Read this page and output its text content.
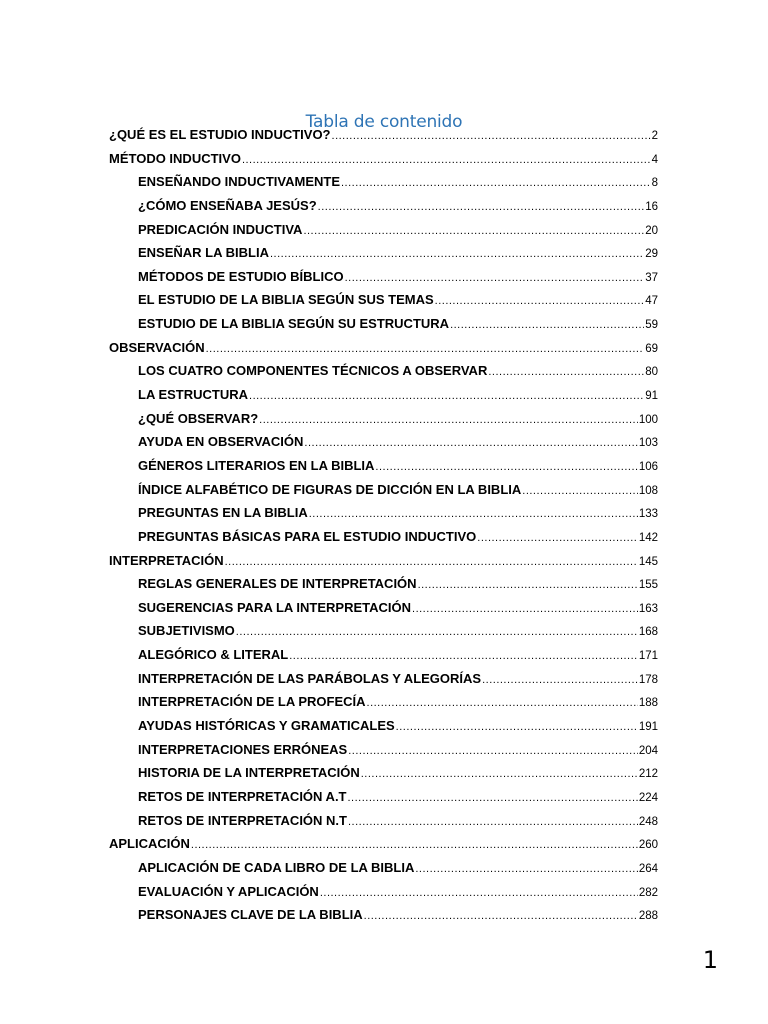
Tabla de contenido
¿QUÉ ES EL ESTUDIO INDUCTIVO? .....	2
MÉTODO INDUCTIVO .....	4
ENSEÑANDO INDUCTIVAMENTE .....	8
¿CÓMO ENSEÑABA JESÚS? .....	16
PREDICACIÓN INDUCTIVA .....	20
ENSEÑAR LA BIBLIA .....	29
MÉTODOS DE ESTUDIO BÍBLICO .....	37
EL ESTUDIO DE LA BIBLIA SEGÚN SUS TEMAS .....	47
ESTUDIO DE LA BIBLIA SEGÚN SU ESTRUCTURA .....	59
OBSERVACIÓN .....	69
LOS CUATRO COMPONENTES TÉCNICOS A OBSERVAR .....	80
LA ESTRUCTURA .....	91
¿QUÉ OBSERVAR? .....	100
AYUDA EN OBSERVACIÓN .....	103
GÉNEROS LITERARIOS EN LA BIBLIA .....	106
ÍNDICE ALFABÉTICO DE FIGURAS DE DICCIÓN EN LA BIBLIA .....	108
PREGUNTAS EN LA BIBLIA .....	133
PREGUNTAS BÁSICAS PARA EL ESTUDIO INDUCTIVO .....	142
INTERPRETACIÓN .....	145
REGLAS GENERALES DE INTERPRETACIÓN .....	155
SUGERENCIAS PARA LA INTERPRETACIÓN .....	163
SUBJETIVISMO .....	168
ALEGÓRICO & LITERAL .....	171
INTERPRETACIÓN DE LAS PARÁBOLAS Y ALEGORÍAS .....	178
INTERPRETACIÓN DE LA PROFECÍA .....	188
AYUDAS HISTÓRICAS Y GRAMATICALES .....	191
INTERPRETACIONES ERRÓNEAS .....	204
HISTORIA DE LA INTERPRETACIÓN .....	212
RETOS DE INTERPRETACIÓN A.T .....	224
RETOS DE INTERPRETACIÓN N.T .....	248
APLICACIÓN .....	260
APLICACIÓN DE CADA LIBRO DE LA BIBLIA .....	264
EVALUACIÓN Y APLICACIÓN .....	282
PERSONAJES CLAVE DE LA BIBLIA .....	288
1
